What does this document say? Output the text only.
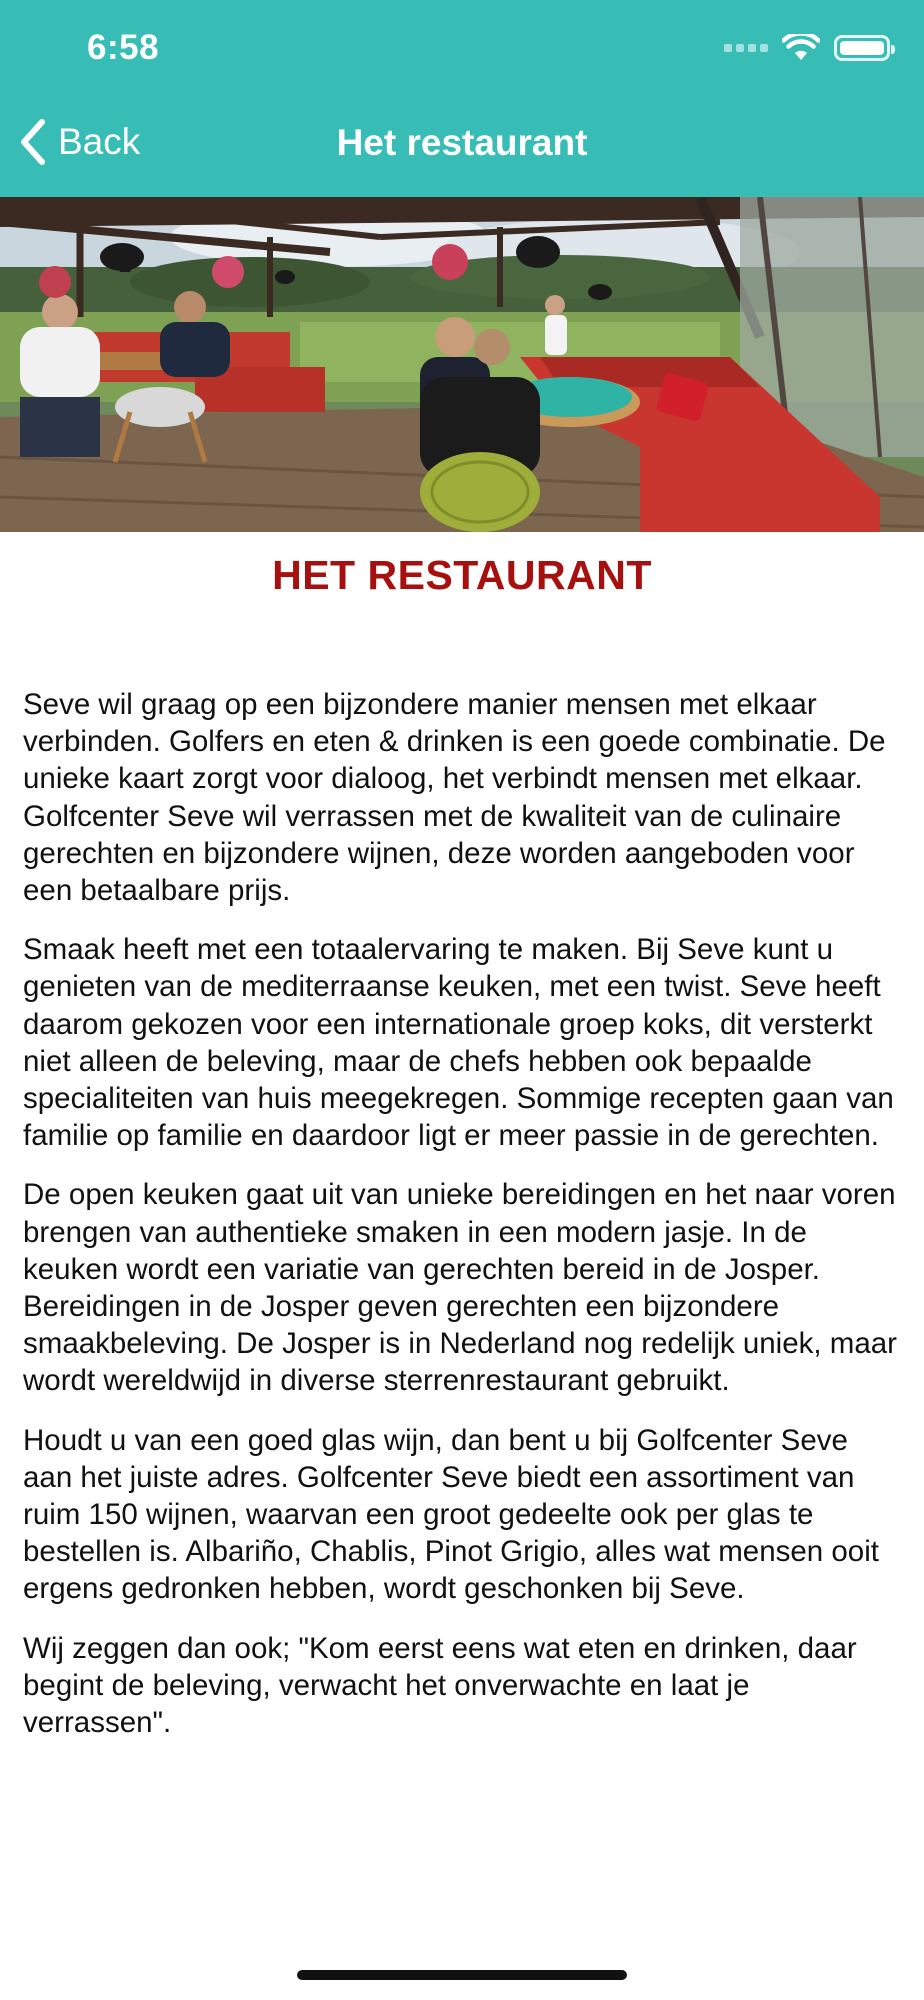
6:58
Back	Het restaurant
HET RESTAURANT

Seve wil graag op een bijzondere manier mensen met elkaar verbinden. Golfers en eten & drinken is een goede combinatie. De unieke kaart zorgt voor dialoog, het verbindt mensen met elkaar. Golfcenter Seve wil verrassen met de kwaliteit van de culinaire gerechten en bijzondere wijnen, deze worden aangeboden voor een betaalbare prijs.

Smaak heeft met een totaalervaring te maken. Bij Seve kunt u genieten van de mediterraanse keuken, met een twist. Seve heeft daarom gekozen voor een internationale groep koks, dit versterkt niet alleen de beleving, maar de chefs hebben ook bepaalde specialiteiten van huis meegekregen. Sommige recepten gaan van familie op familie en daardoor ligt er meer passie in de gerechten.

De open keuken gaat uit van unieke bereidingen en het naar voren brengen van authentieke smaken in een modern jasje. In de keuken wordt een variatie van gerechten bereid in de Josper. Bereidingen in de Josper geven gerechten een bijzondere smaakbeleving. De Josper is in Nederland nog redelijk uniek, maar wordt wereldwijd in diverse sterrenrestaurant gebruikt.

Houdt u van een goed glas wijn, dan bent u bij Golfcenter Seve aan het juiste adres. Golfcenter Seve biedt een assortiment van ruim 150 wijnen, waarvan een groot gedeelte ook per glas te bestellen is. Albariño, Chablis, Pinot Grigio, alles wat mensen ooit ergens gedronken hebben, wordt geschonken bij Seve.

Wij zeggen dan ook; "Kom eerst eens wat eten en drinken, daar begint de beleving, verwacht het onverwachte en laat je verrassen".
